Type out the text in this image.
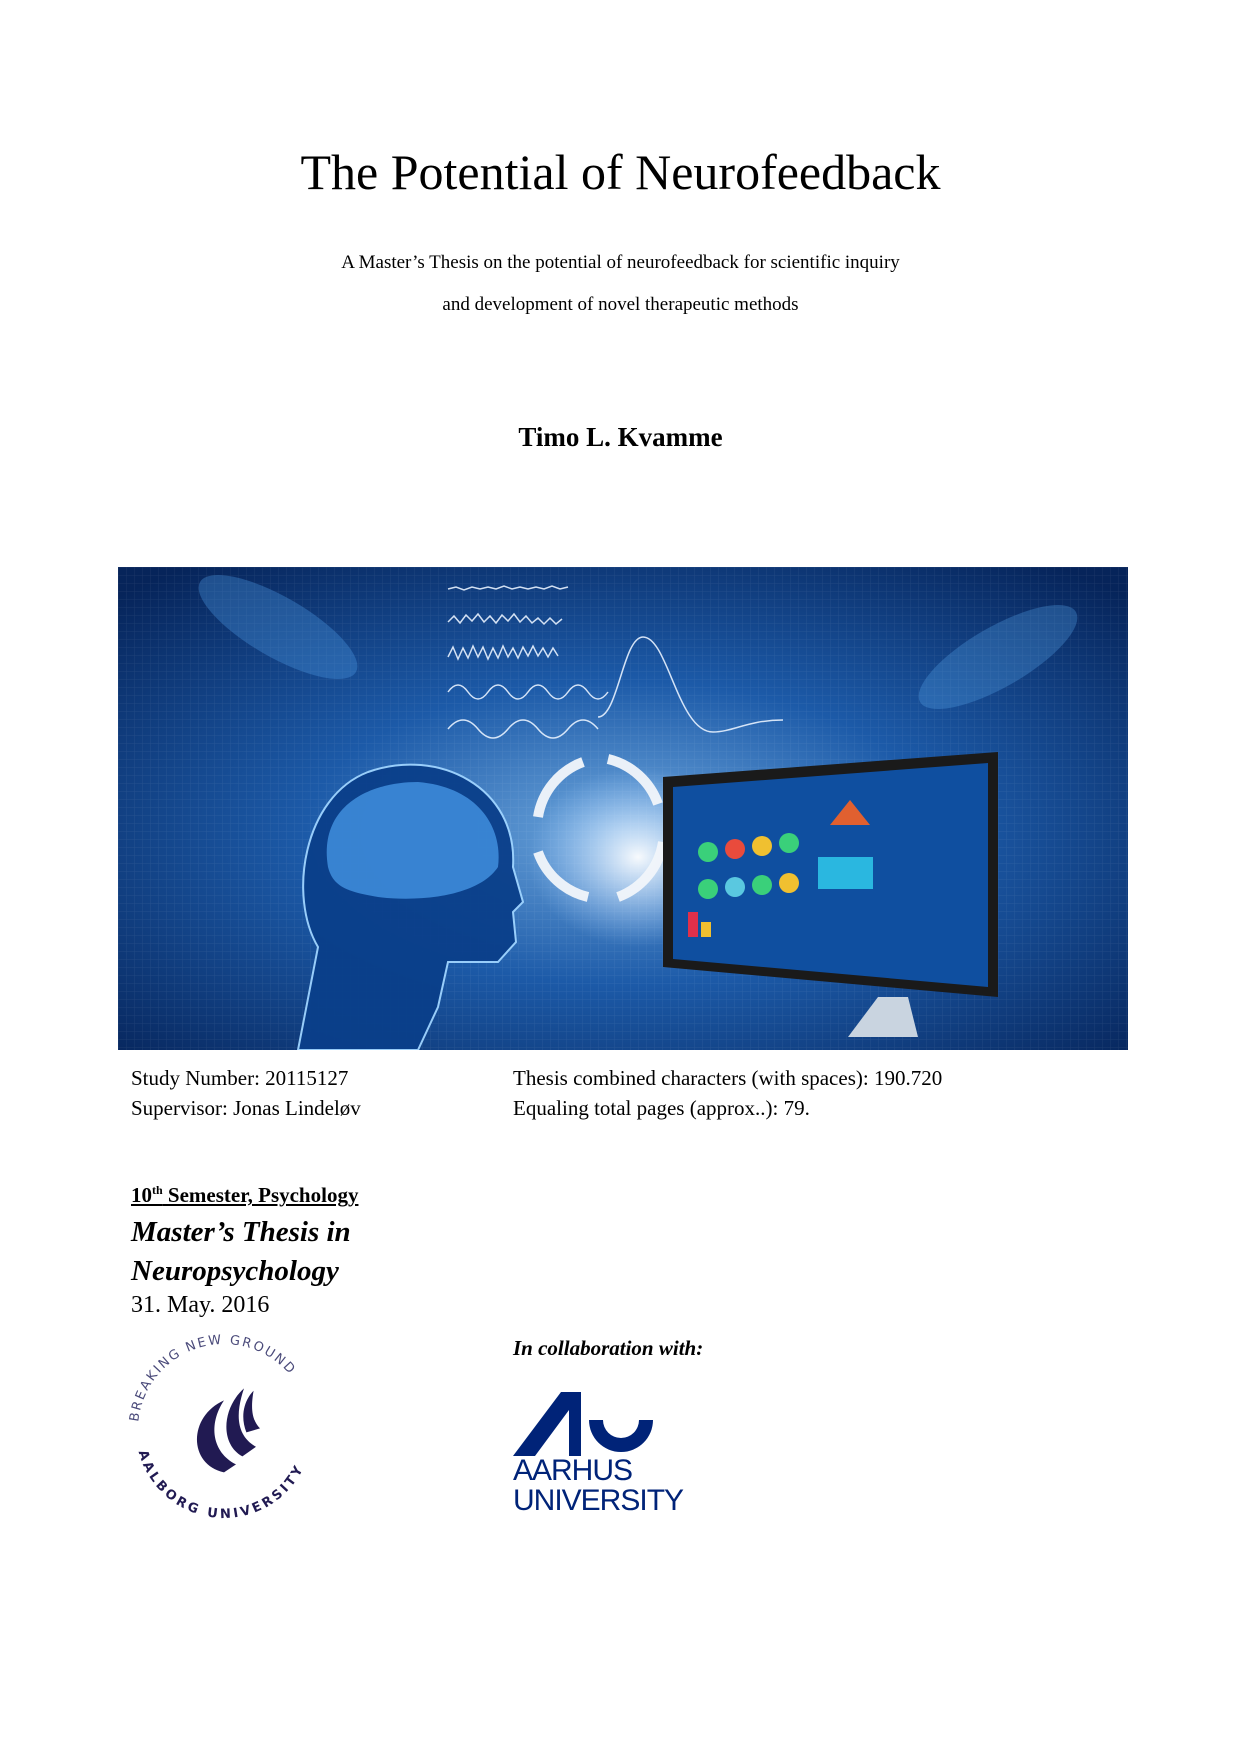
The Potential of Neurofeedback
A Master’s Thesis on the potential of neurofeedback for scientific inquiry
and development of novel therapeutic methods
Timo L. Kvamme
Study Number: 20115127
Supervisor: Jonas Lindeløv
Thesis combined characters (with spaces): 190.720
Equaling total pages (approx..): 79.
10th Semester, Psychology
Master’s Thesis in
Neuropsychology
31. May. 2016
BREAKING NEW GROUND
AALBORG UNIVERSITY
In collaboration with:
AARHUS UNIVERSITY
